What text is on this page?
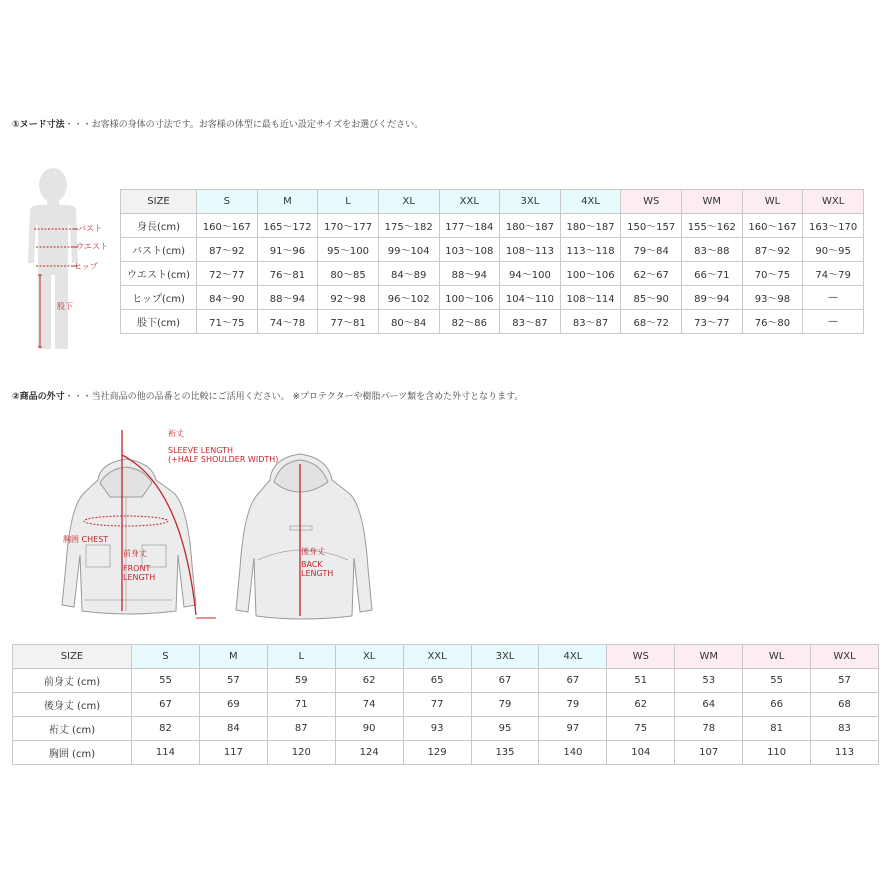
①ヌード寸法・・・お客様の身体の寸法です。お客様の体型に最も近い設定サイズをお選びください。
バスト
ウエスト
ヒップ
股下
SIZE	S	M	L	XL	XXL	3XL	4XL	WS	WM	WL	WXL
身長(cm)	160〜167	165〜172	170〜177	175〜182	177〜184	180〜187	180〜187	150〜157	155〜162	160〜167	163〜170
バスト(cm)	87〜92	91〜96	95〜100	99〜104	103〜108	108〜113	113〜118	79〜84	83〜88	87〜92	90〜95
ウエスト(cm)	72〜77	76〜81	80〜85	84〜89	88〜94	94〜100	100〜106	62〜67	66〜71	70〜75	74〜79
ヒップ(cm)	84〜90	88〜94	92〜98	96〜102	100〜106	104〜110	108〜114	85〜90	89〜94	93〜98	—
股下(cm)	71〜75	74〜78	77〜81	80〜84	82〜86	83〜87	83〜87	68〜72	73〜77	76〜80	—
②商品の外寸・・・当社商品の他の品番との比較にご活用ください。 ※プロテクターや樹脂パーツ類を含めた外寸となります。
裄丈
SLEEVE LENGTH
(+HALF SHOULDER WIDTH)
胸囲 CHEST
前身丈
FRONT
LENGTH
後身丈
BACK
LENGTH
SIZE	S	M	L	XL	XXL	3XL	4XL	WS	WM	WL	WXL
前身丈 (cm)	55	57	59	62	65	67	67	51	53	55	57
後身丈 (cm)	67	69	71	74	77	79	79	62	64	66	68
裄丈 (cm)	82	84	87	90	93	95	97	75	78	81	83
胸囲 (cm)	114	117	120	124	129	135	140	104	107	110	113
